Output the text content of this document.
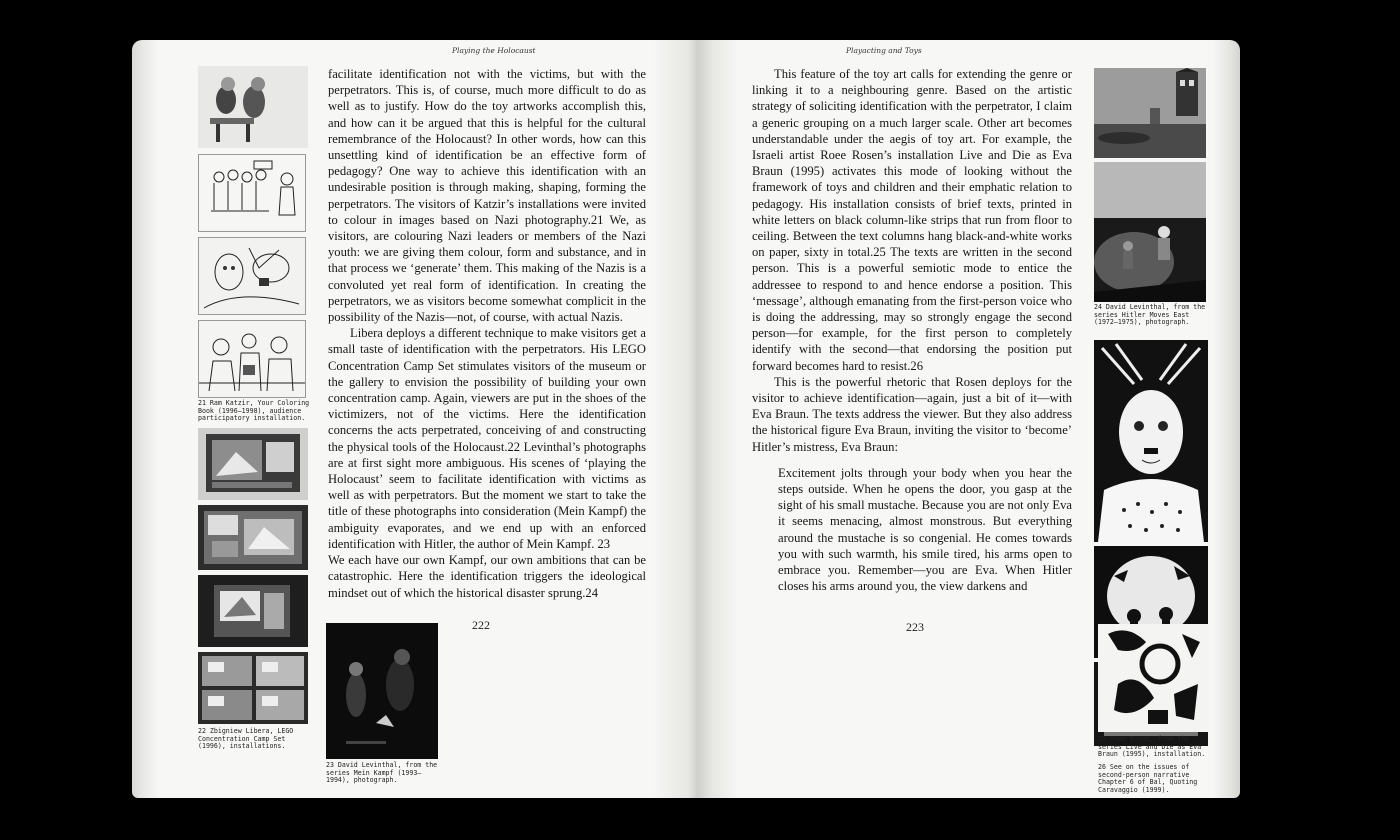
Playing the Holocaust
21 Ram Katzir, Your Coloring Book (1996–1998), audience participatory installation.
22 Zbigniew Libera, LEGO Concentration Camp Set (1996), installations.

facilitate identification not with the victims, but with the perpetrators. This is, of course, much more difficult to do as well as to justify. How do the toy artworks accomplish this, and how can it be argued that this is helpful for the cultural remembrance of the Holocaust? In other words, how can this unsettling kind of identification be an effective form of pedagogy? One way to achieve this identification with an undesirable position is through making, shaping, forming the perpetrators. The visitors of Katzir’s installations were invited to colour in images based on Nazi photography.21 We, as visitors, are colouring Nazi leaders or members of the Nazi youth: we are giving them colour, form and substance, and in that process we ‘generate’ them. This making of the Nazis is a convoluted yet real form of identification. In creating the perpetrators, we as visitors become somewhat complicit in the possibility of the Nazis—not, of course, with actual Nazis.

Libera deploys a different technique to make visitors get a small taste of identification with the perpetrators. His LEGO Concentration Camp Set stimulates visitors of the museum or the gallery to envision the possibility of building your own concentration camp. Again, viewers are put in the shoes of the victimizers, not of the victims. Here the identification concerns the acts perpetrated, conceiving of and constructing the physical tools of the Holocaust.22 Levinthal’s photographs are at first sight more ambiguous. His scenes of ‘playing the Holocaust’ seem to facilitate identification with victims as well as with perpetrators. But the moment we start to take the title of these photographs into consideration (Mein Kampf) the ambiguity evaporates, and we end up with an enforced identification with Hitler, the author of Mein Kampf. 23

We each have our own Kampf, our own ambitions that can be catastrophic. Here the identification triggers the ideological mindset out of which the historical disaster sprung.24

222
23 David Levinthal, from the series Mein Kampf (1993–1994), photograph.
Playacting and Toys

This feature of the toy art calls for extending the genre or linking it to a neighbouring genre. Based on the artistic strategy of soliciting identification with the perpetrator, I claim a generic grouping on a much larger scale. Other art becomes understandable under the aegis of toy art. For example, the Israeli artist Roee Rosen’s installation Live and Die as Eva Braun (1995) activates this mode of looking without the framework of toys and children and their emphatic relation to pedagogy. His installation consists of brief texts, printed in white letters on black column-like strips that run from floor to ceiling. Between the text columns hang black-and-white works on paper, sixty in total.25 The texts are written in the second person. This is a powerful semiotic mode to entice the addressee to respond to and hence endorse a position. This ‘message’, although emanating from the first-person voice who is doing the addressing, may so strongly engage the second person—for example, for the first person to completely identify with the second—that endorsing the position put forward becomes hard to resist.26

This is the powerful rhetoric that Rosen deploys for the visitor to achieve identification—again, just a bit of it—with Eva Braun. The texts address the viewer. But they also address the historical figure Eva Braun, inviting the visitor to ‘become’ Hitler’s mistress, Eva Braun:

Excitement jolts through your body when you hear the steps outside. When he opens the door, you gasp at the sight of his small mustache. Because you are not only Eva it seems menacing, almost monstrous. But everything around the mustache is so congenial. He comes towards you with such warmth, his smile tired, his arms open to embrace you. Remember—you are Eva. When Hitler closes his arms around you, the view darkens and

223
24 David Levinthal, from the series Hitler Moves East (1972–1975), photograph.
25 Roee Rosen, from the series Live and Die as Eva Braun (1995), installation.
26 See on the issues of second-person narrative Chapter 6 of Bal, Quoting Caravaggio (1999).
